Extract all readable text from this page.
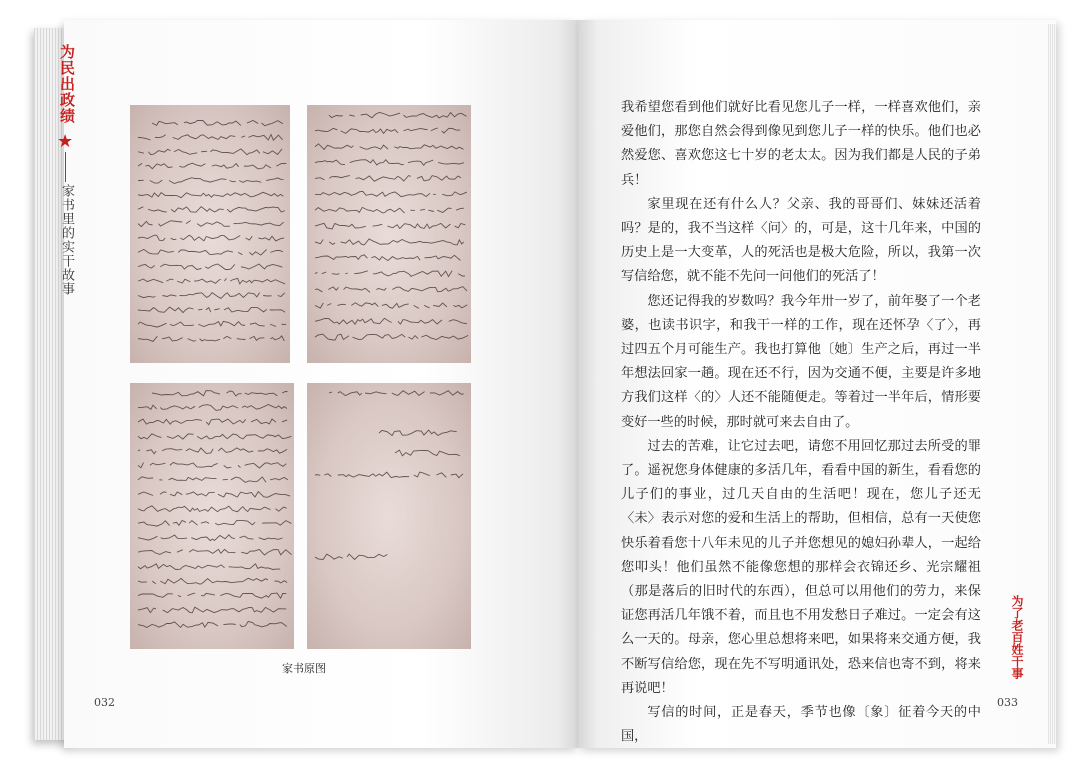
为民出政绩
★
家书里的实干故事
家书原图
032

我希望您看到他们就好比看见您儿子一样，一样喜欢他们，亲爱他们，那您自然会得到像见到您儿子一样的快乐。他们也必然爱您、喜欢您这七十岁的老太太。因为我们都是人民的子弟兵！

家里现在还有什么人？父亲、我的哥哥们、妹妹还活着吗？是的，我不当这样〈问〉的，可是，这十几年来，中国的历史上是一大变革，人的死活也是极大危险，所以，我第一次写信给您，就不能不先问一问他们的死活了！

您还记得我的岁数吗？我今年卅一岁了，前年娶了一个老婆，也读书识字，和我干一样的工作，现在还怀孕〈了〉，再过四五个月可能生产。我也打算他〔她〕生产之后，再过一半年想法回家一趟。现在还不行，因为交通不便，主要是许多地方我们这样〈的〉人还不能随便走。等着过一半年后，情形要变好一些的时候，那时就可来去自由了。

过去的苦难，让它过去吧，请您不用回忆那过去所受的罪了。遥祝您身体健康的多活几年，看看中国的新生，看看您的儿子们的事业，过几天自由的生活吧！现在，您儿子还无〈未〉表示对您的爱和生活上的帮助，但相信，总有一天使您快乐着看您十八年未见的儿子并您想见的媳妇孙辈人，一起给您叩头！他们虽然不能像您想的那样会衣锦还乡、光宗耀祖（那是落后的旧时代的东西），但总可以用他们的劳力，来保证您再活几年饿不着，而且也不用发愁日子难过。一定会有这么一天的。母亲，您心里总想将来吧，如果将来交通方便，我不断写信给您，现在先不写明通讯处，恐来信也寄不到，将来再说吧！

写信的时间，正是春天，季节也像〔象〕征着今天的中国，

为了老百姓干事
033
